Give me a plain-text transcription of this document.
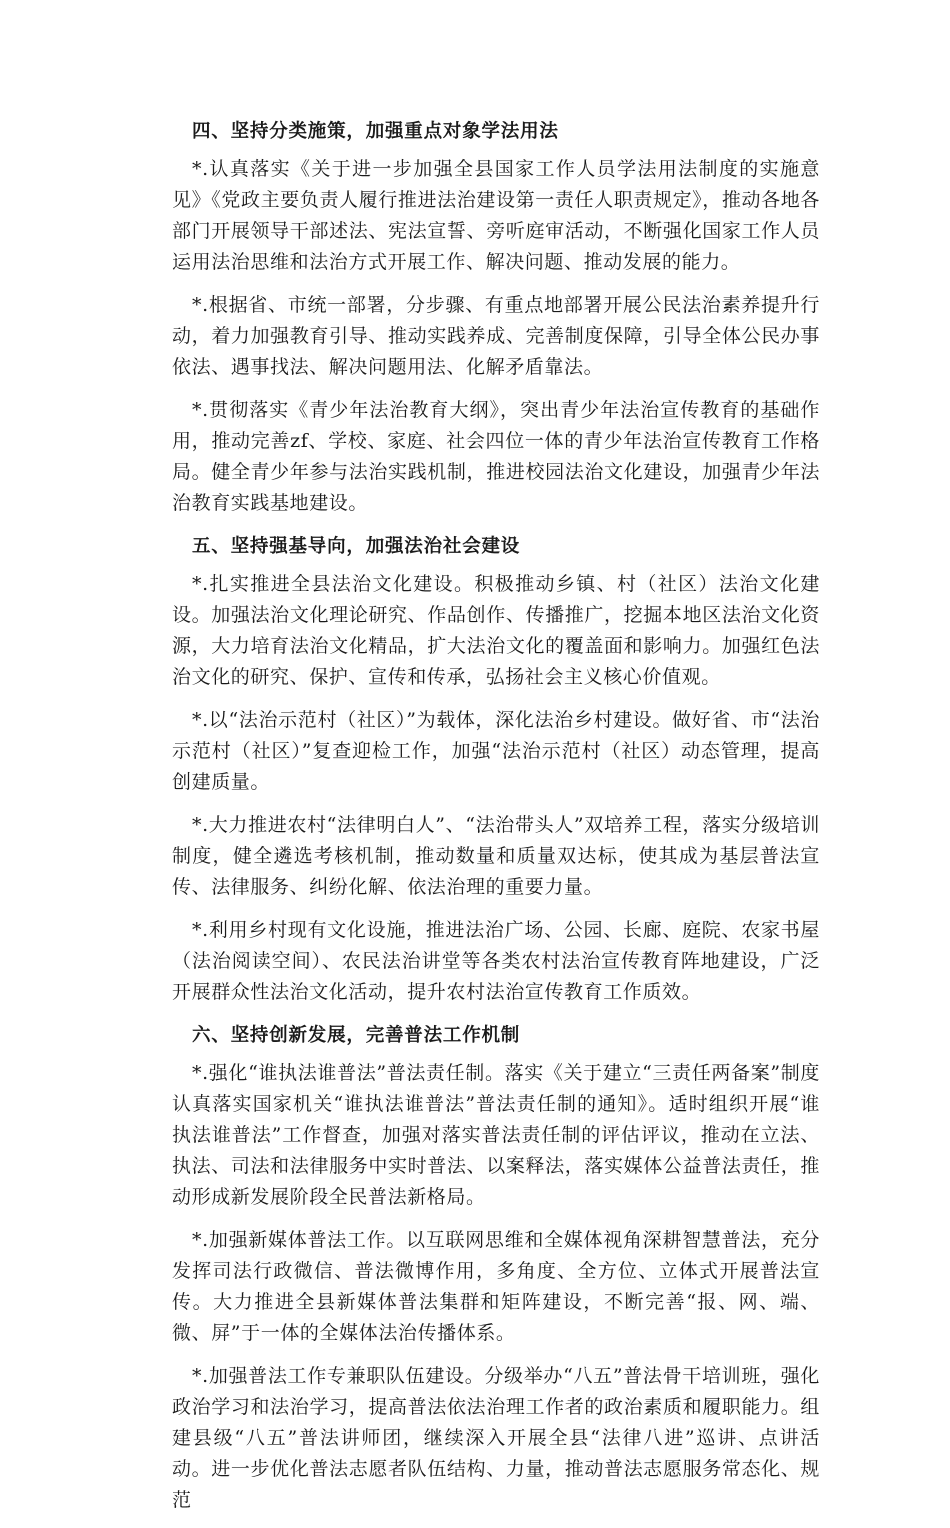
四、坚持分类施策，加强重点对象学法用法

*.认真落实《关于进一步加强全县国家工作人员学法用法制度的实施意见》《党政主要负责人履行推进法治建设第一责任人职责规定》，推动各地各部门开展领导干部述法、宪法宣誓、旁听庭审活动，不断强化国家工作人员运用法治思维和法治方式开展工作、解决问题、推动发展的能力。

*.根据省、市统一部署，分步骤、有重点地部署开展公民法治素养提升行动，着力加强教育引导、推动实践养成、完善制度保障，引导全体公民办事依法、遇事找法、解决问题用法、化解矛盾靠法。

*.贯彻落实《青少年法治教育大纲》，突出青少年法治宣传教育的基础作用，推动完善zf、学校、家庭、社会四位一体的青少年法治宣传教育工作格局。健全青少年参与法治实践机制，推进校园法治文化建设，加强青少年法治教育实践基地建设。

五、坚持强基导向，加强法治社会建设

*.扎实推进全县法治文化建设。积极推动乡镇、村（社区）法治文化建设。加强法治文化理论研究、作品创作、传播推广，挖掘本地区法治文化资源，大力培育法治文化精品，扩大法治文化的覆盖面和影响力。加强红色法治文化的研究、保护、宣传和传承，弘扬社会主义核心价值观。

*.以“法治示范村（社区）”为载体，深化法治乡村建设。做好省、市“法治示范村（社区）”复查迎检工作，加强“法治示范村（社区）动态管理，提高创建质量。

*.大力推进农村“法律明白人”、“法治带头人”双培养工程，落实分级培训制度，健全遴选考核机制，推动数量和质量双达标，使其成为基层普法宣传、法律服务、纠纷化解、依法治理的重要力量。

*.利用乡村现有文化设施，推进法治广场、公园、长廊、庭院、农家书屋（法治阅读空间）、农民法治讲堂等各类农村法治宣传教育阵地建设，广泛开展群众性法治文化活动，提升农村法治宣传教育工作质效。

六、坚持创新发展，完善普法工作机制

*.强化“谁执法谁普法”普法责任制。落实《关于建立“三责任两备案”制度认真落实国家机关“谁执法谁普法”普法责任制的通知》。适时组织开展“谁执法谁普法”工作督查，加强对落实普法责任制的评估评议，推动在立法、执法、司法和法律服务中实时普法、以案释法，落实媒体公益普法责任，推动形成新发展阶段全民普法新格局。

*.加强新媒体普法工作。以互联网思维和全媒体视角深耕智慧普法，充分发挥司法行政微信、普法微博作用，多角度、全方位、立体式开展普法宣传。大力推进全县新媒体普法集群和矩阵建设，不断完善“报、网、端、微、屏”于一体的全媒体法治传播体系。

*.加强普法工作专兼职队伍建设。分级举办“八五”普法骨干培训班，强化政治学习和法治学习，提高普法依法治理工作者的政治素质和履职能力。组建县级“八五”普法讲师团，继续深入开展全县“法律八进”巡讲、点讲活动。进一步优化普法志愿者队伍结构、力量，推动普法志愿服务常态化、规范
